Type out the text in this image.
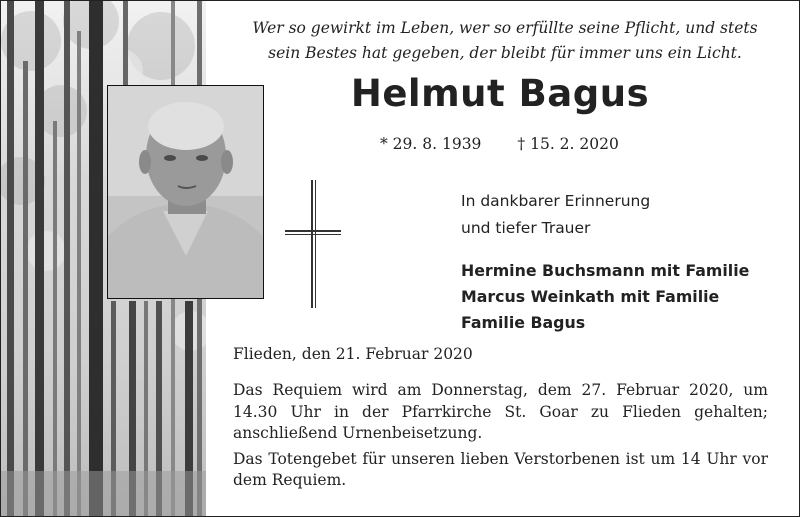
Wer so gewirkt im Leben, wer so erfüllte seine Pflicht, und stets
sein Bestes hat gegeben, der bleibt für immer uns ein Licht.
Helmut Bagus
* 29. 8. 1939 † 15. 2. 2020
In dankbarer Erinnerung
und tiefer Trauer
Hermine Buchsmann mit Familie
Marcus Weinkath mit Familie
Familie Bagus
Flieden, den 21. Februar 2020

Das Requiem wird am Donnerstag, dem 27. Februar 2020, um 14.30 Uhr in der Pfarrkirche St. Goar zu Flieden gehalten; anschließend Urnenbeisetzung.

Das Totengebet für unseren lieben Verstorbenen ist um 14 Uhr vor dem Requiem.
